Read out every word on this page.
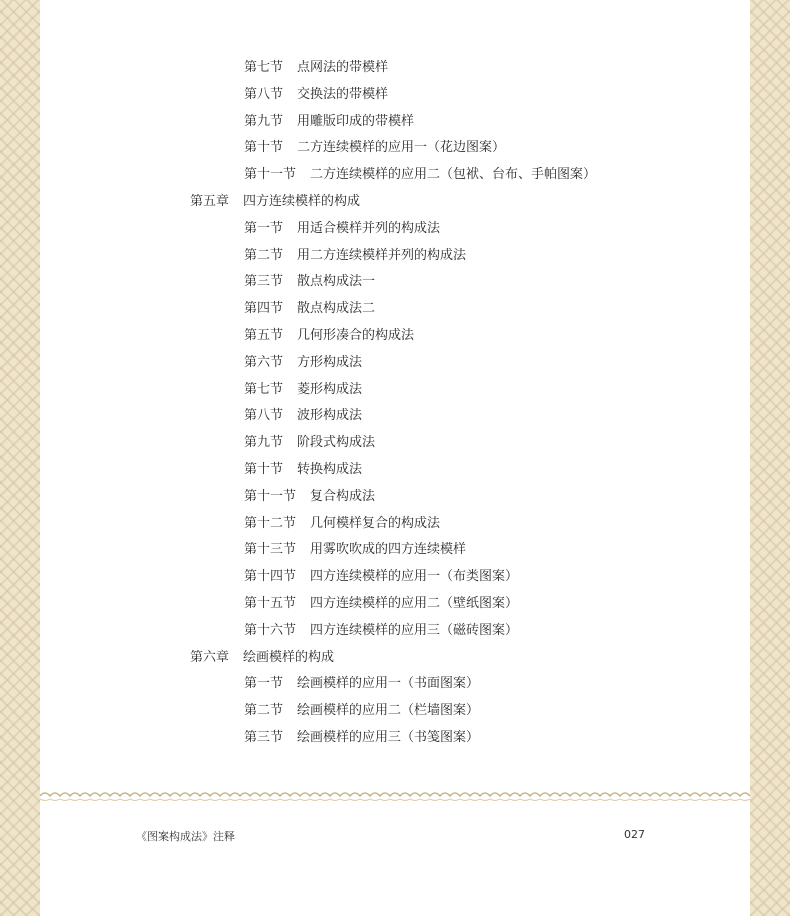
第七节 点网法的带模样
第八节 交换法的带模样
第九节 用雕版印成的带模样
第十节 二方连续模样的应用一（花边图案）
第十一节 二方连续模样的应用二（包袱、台布、手帕图案）
第五章 四方连续模样的构成
第一节 用适合模样并列的构成法
第二节 用二方连续模样并列的构成法
第三节 散点构成法一
第四节 散点构成法二
第五节 几何形凑合的构成法
第六节 方形构成法
第七节 菱形构成法
第八节 波形构成法
第九节 阶段式构成法
第十节 转换构成法
第十一节 复合构成法
第十二节 几何模样复合的构成法
第十三节 用雾吹吹成的四方连续模样
第十四节 四方连续模样的应用一（布类图案）
第十五节 四方连续模样的应用二（壁纸图案）
第十六节 四方连续模样的应用三（磁砖图案）
第六章 绘画模样的构成
第一节 绘画模样的应用一（书面图案）
第二节 绘画模样的应用二（栏墙图案）
第三节 绘画模样的应用三（书笺图案）
《图案构成法》注释	027
